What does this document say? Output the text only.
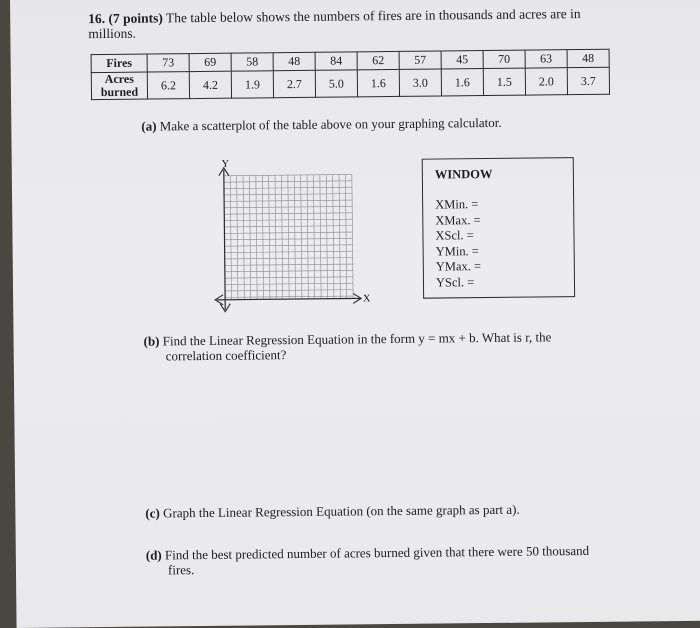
16. (7 points) The table below shows the numbers of fires are in thousands and acres are in millions.
Fires	73	69	58	48	84	62	57	45	70	63	48
Acres burned	6.2	4.2	1.9	2.7	5.0	1.6	3.0	1.6	1.5	2.0	3.7
(a) Make a scatterplot of the table above on your graphing calculator.
Y
X
WINDOW
XMin. =
XMax. =
XScl. =
YMin. =
YMax. =
YScl. =
(b) Find the Linear Regression Equation in the form y = mx + b. What is r, the
correlation coefficient?
(c) Graph the Linear Regression Equation (on the same graph as part a).
(d) Find the best predicted number of acres burned given that there were 50 thousand
fires.
